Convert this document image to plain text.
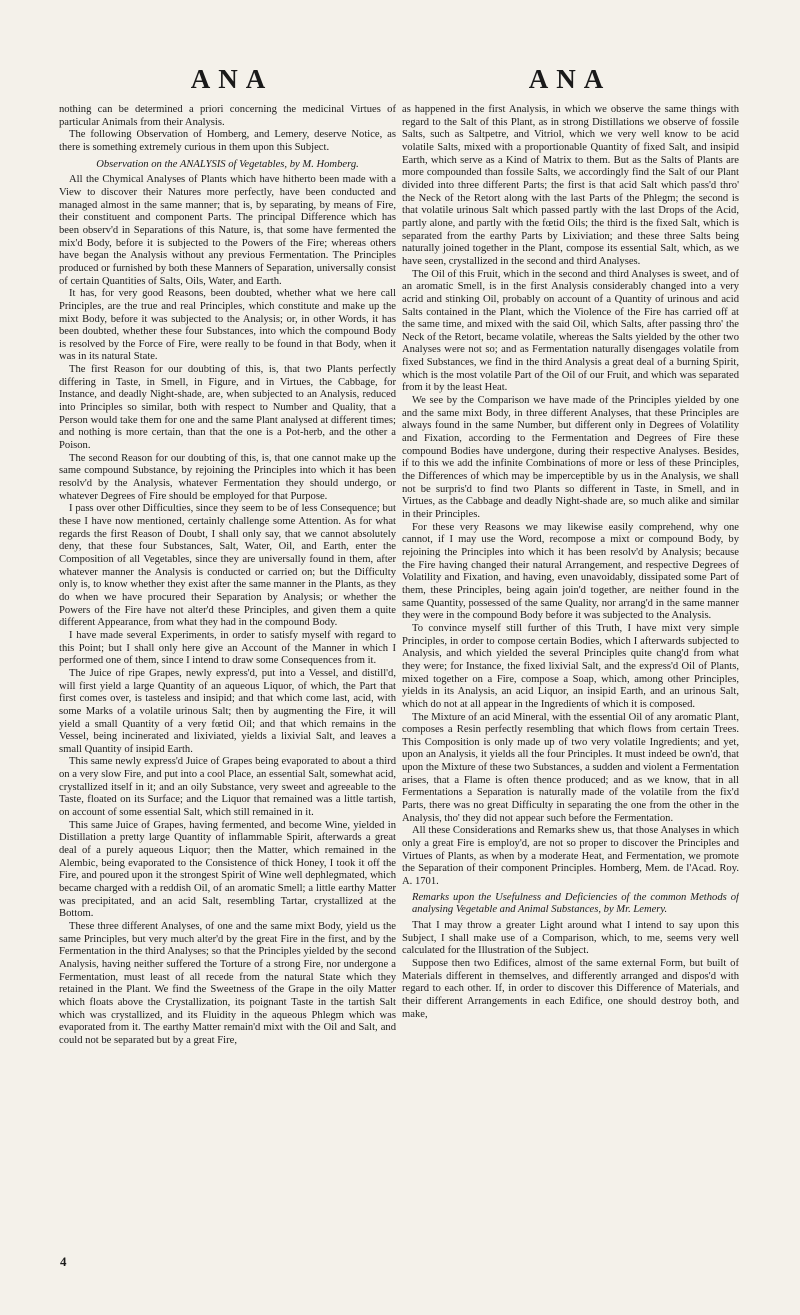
ANA	ANA

nothing can be determined a priori concerning the medicinal Virtues of particular Animals from their Analysis.

The following Observation of Homberg, and Lemery, deserve Notice, as there is something extremely curious in them upon this Subject.

Observation on the ANALYSIS of Vegetables, by M. Homberg.

All the Chymical Analyses of Plants which have hitherto been made with a View to discover their Natures more perfectly, have been conducted and managed almost in the same manner; that is, by separating, by means of Fire, their constituent and component Parts. The principal Difference which has been observ'd in Separations of this Nature, is, that some have fermented the mix'd Body, before it is subjected to the Powers of the Fire; whereas others have began the Analysis without any previous Fermentation. The Principles produced or furnished by both these Manners of Separation, universally consist of certain Quantities of Salts, Oils, Water, and Earth.

It has, for very good Reasons, been doubted, whether what we here call Principles, are the true and real Principles, which constitute and make up the mixt Body, before it was subjected to the Analysis; or, in other Words, it has been doubted, whether these four Substances, into which the compound Body is resolved by the Force of Fire, were really to be found in that Body, when it was in its natural State.

The first Reason for our doubting of this, is, that two Plants perfectly differing in Taste, in Smell, in Figure, and in Virtues, the Cabbage, for Instance, and deadly Night-shade, are, when subjected to an Analysis, reduced into Principles so similar, both with respect to Number and Quality, that a Person would take them for one and the same Plant analysed at different times; and nothing is more certain, than that the one is a Pot-herb, and the other a Poison.

The second Reason for our doubting of this, is, that one cannot make up the same compound Substance, by rejoining the Principles into which it has been resolv'd by the Analysis, whatever Fermentation they should undergo, or whatever Degrees of Fire should be employed for that Purpose.

I pass over other Difficulties, since they seem to be of less Consequence; but these I have now mentioned, certainly challenge some Attention. As for what regards the first Reason of Doubt, I shall only say, that we cannot absolutely deny, that these four Substances, Salt, Water, Oil, and Earth, enter the Composition of all Vegetables, since they are universally found in them, after whatever manner the Analysis is conducted or carried on; but the Difficulty only is, to know whether they exist after the same manner in the Plants, as they do when we have procured their Separation by Analysis; or whether the Powers of the Fire have not alter'd these Principles, and given them a quite different Appearance, from what they had in the compound Body.

I have made several Experiments, in order to satisfy myself with regard to this Point; but I shall only here give an Account of the Manner in which I performed one of them, since I intend to draw some Consequences from it.

The Juice of ripe Grapes, newly express'd, put into a Vessel, and distill'd, will first yield a large Quantity of an aqueous Liquor, of which, the Part that first comes over, is tasteless and insipid; and that which come last, acid, with some Marks of a volatile urinous Salt; then by augmenting the Fire, it will yield a small Quantity of a very fœtid Oil; and that which remains in the Vessel, being incinerated and lixiviated, yields a lixivial Salt, and leaves a small Quantity of insipid Earth.

This same newly express'd Juice of Grapes being evaporated to about a third on a very slow Fire, and put into a cool Place, an essential Salt, somewhat acid, crystallized itself in it; and an oily Substance, very sweet and agreeable to the Taste, floated on its Surface; and the Liquor that remained was a little tartish, on account of some essential Salt, which still remained in it.

This same Juice of Grapes, having fermented, and become Wine, yielded in Distillation a pretty large Quantity of inflammable Spirit, afterwards a great deal of a purely aqueous Liquor; then the Matter, which remained in the Alembic, being evaporated to the Consistence of thick Honey, I took it off the Fire, and poured upon it the strongest Spirit of Wine well dephlegmated, which became charged with a reddish Oil, of an aromatic Smell; a little earthy Matter was precipitated, and an acid Salt, resembling Tartar, crystallized at the Bottom.

These three different Analyses, of one and the same mixt Body, yield us the same Principles, but very much alter'd by the great Fire in the first, and by the Fermentation in the third Analyses; so that the Principles yielded by the second Analysis, having neither suffered the Torture of a strong Fire, nor undergone a Fermentation, must least of all recede from the natural State which they retained in the Plant. We find the Sweetness of the Grape in the oily Matter which floats above the Crystallization, its poignant Taste in the tartish Salt which was crystallized, and its Fluidity in the aqueous Phlegm which was evaporated from it. The earthy Matter remain'd mixt with the Oil and Salt, and could not be separated but by a great Fire,

as happened in the first Analysis, in which we observe the same things with regard to the Salt of this Plant, as in strong Distillations we observe of fossile Salts, such as Saltpetre, and Vitriol, which we very well know to be acid volatile Salts, mixed with a proportionable Quantity of fixed Salt, and insipid Earth, which serve as a Kind of Matrix to them. But as the Salts of Plants are more compounded than fossile Salts, we accordingly find the Salt of our Plant divided into three different Parts; the first is that acid Salt which pass'd thro' the Neck of the Retort along with the last Parts of the Phlegm; the second is that volatile urinous Salt which passed partly with the last Drops of the Acid, partly alone, and partly with the fœtid Oils; the third is the fixed Salt, which is separated from the earthy Parts by Lixiviation; and these three Salts being naturally joined together in the Plant, compose its essential Salt, which, as we have seen, crystallized in the second and third Analyses.

The Oil of this Fruit, which in the second and third Analyses is sweet, and of an aromatic Smell, is in the first Analysis considerably changed into a very acrid and stinking Oil, probably on account of a Quantity of urinous and acid Salts contained in the Plant, which the Violence of the Fire has carried off at the same time, and mixed with the said Oil, which Salts, after passing thro' the Neck of the Retort, became volatile, whereas the Salts yielded by the other two Analyses were not so; and as Fermentation naturally disengages volatile from fixed Substances, we find in the third Analysis a great deal of a burning Spirit, which is the most volatile Part of the Oil of our Fruit, and which was separated from it by the least Heat.

We see by the Comparison we have made of the Principles yielded by one and the same mixt Body, in three different Analyses, that these Principles are always found in the same Number, but different only in Degrees of Volatility and Fixation, according to the Fermentation and Degrees of Fire these compound Bodies have undergone, during their respective Analyses. Besides, if to this we add the infinite Combinations of more or less of these Principles, the Differences of which may be imperceptible by us in the Analysis, we shall not be surpris'd to find two Plants so different in Taste, in Smell, and in Virtues, as the Cabbage and deadly Night-shade are, so much alike and similar in their Principles.

For these very Reasons we may likewise easily comprehend, why one cannot, if I may use the Word, recompose a mixt or compound Body, by rejoining the Principles into which it has been resolv'd by Analysis; because the Fire having changed their natural Arrangement, and respective Degrees of Volatility and Fixation, and having, even unavoidably, dissipated some Part of them, these Principles, being again join'd together, are neither found in the same Quantity, possessed of the same Quality, nor arrang'd in the same manner they were in the compound Body before it was subjected to the Analysis.

To convince myself still further of this Truth, I have mixt very simple Principles, in order to compose certain Bodies, which I afterwards subjected to Analysis, and which yielded the several Principles quite chang'd from what they were; for Instance, the fixed lixivial Salt, and the express'd Oil of Plants, mixed together on a Fire, compose a Soap, which, among other Principles, yields in its Analysis, an acid Liquor, an insipid Earth, and an urinous Salt, which do not at all appear in the Ingredients of which it is composed.

The Mixture of an acid Mineral, with the essential Oil of any aromatic Plant, composes a Resin perfectly resembling that which flows from certain Trees. This Composition is only made up of two very volatile Ingredients; and yet, upon an Analysis, it yields all the four Principles. It must indeed be own'd, that upon the Mixture of these two Substances, a sudden and violent a Fermentation arises, that a Flame is often thence produced; and as we know, that in all Fermentations a Separation is naturally made of the volatile from the fix'd Parts, there was no great Difficulty in separating the one from the other in the Analysis, tho' they did not appear such before the Fermentation.

All these Considerations and Remarks shew us, that those Analyses in which only a great Fire is employ'd, are not so proper to discover the Principles and Virtues of Plants, as when by a moderate Heat, and Fermentation, we promote the Separation of their component Principles. Homberg, Mem. de l'Acad. Roy. A. 1701.

Remarks upon the Usefulness and Deficiencies of the common Methods of analysing Vegetable and Animal Substances, by Mr. Lemery.

That I may throw a greater Light around what I intend to say upon this Subject, I shall make use of a Comparison, which, to me, seems very well calculated for the Illustration of the Subject.

Suppose then two Edifices, almost of the same external Form, but built of Materials different in themselves, and differently arranged and dispos'd with regard to each other. If, in order to discover this Difference of Materials, and their different Arrangements in each Edifice, one should destroy both, and make,

4
